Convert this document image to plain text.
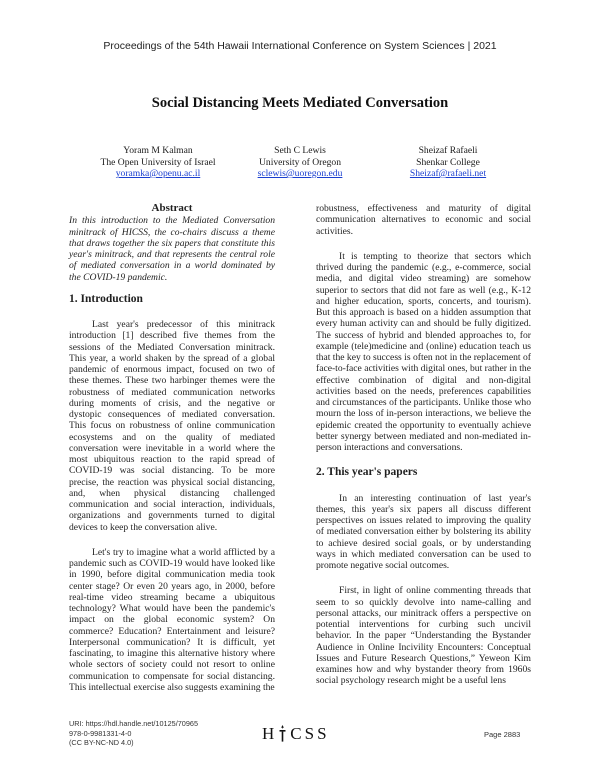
Proceedings of the 54th Hawaii International Conference on System Sciences | 2021
Social Distancing Meets Mediated Conversation
Yoram M Kalman
The Open University of Israel
yoramka@openu.ac.il
Seth C Lewis
University of Oregon
sclewis@uoregon.edu
Sheizaf Rafaeli
Shenkar College
Sheizaf@rafaeli.net
Abstract

In this introduction to the Mediated Conversation minitrack of HICSS, the co-chairs discuss a theme that draws together the six papers that constitute this year's minitrack, and that represents the central role of mediated conversation in a world dominated by the COVID-19 pandemic.

1. Introduction

Last year's predecessor of this minitrack introduction [1] described five themes from the sessions of the Mediated Conversation minitrack. This year, a world shaken by the spread of a global pandemic of enormous impact, focused on two of these themes. These two harbinger themes were the robustness of mediated communication networks during moments of crisis, and the negative or dystopic consequences of mediated conversation. This focus on robustness of online communication ecosystems and on the quality of mediated conversation were inevitable in a world where the most ubiquitous reaction to the rapid spread of COVID-19 was social distancing. To be more precise, the reaction was physical social distancing, and, when physical distancing challenged communication and social interaction, individuals, organizations and governments turned to digital devices to keep the conversation alive.

Let's try to imagine what a world afflicted by a pandemic such as COVID-19 would have looked like in 1990, before digital communication media took center stage? Or even 20 years ago, in 2000, before real-time video streaming became a ubiquitous technology? What would have been the pandemic's impact on the global economic system? On commerce? Education? Entertainment and leisure? Interpersonal communication? It is difficult, yet fascinating, to imagine this alternative history where whole sectors of society could not resort to online communication to compensate for social distancing. This intellectual exercise also suggests examining the

robustness, effectiveness and maturity of digital communication alternatives to economic and social activities.

It is tempting to theorize that sectors which thrived during the pandemic (e.g., e-commerce, social media, and digital video streaming) are somehow superior to sectors that did not fare as well (e.g., K-12 and higher education, sports, concerts, and tourism). But this approach is based on a hidden assumption that every human activity can and should be fully digitized. The success of hybrid and blended approaches to, for example (tele)medicine and (online) education teach us that the key to success is often not in the replacement of face-to-face activities with digital ones, but rather in the effective combination of digital and non-digital activities based on the needs, preferences capabilities and circumstances of the participants. Unlike those who mourn the loss of in-person interactions, we believe the epidemic created the opportunity to eventually achieve better synergy between mediated and non-mediated in-person interactions and conversations.

2. This year's papers

In an interesting continuation of last year's themes, this year's six papers all discuss different perspectives on issues related to improving the quality of mediated conversation either by bolstering its ability to achieve desired social goals, or by understanding ways in which mediated conversation can be used to promote negative social outcomes.

First, in light of online commenting threads that seem to so quickly devolve into name-calling and personal attacks, our minitrack offers a perspective on potential interventions for curbing such uncivil behavior. In the paper “Understanding the Bystander Audience in Online Incivility Encounters: Conceptual Issues and Future Research Questions,” Yeweon Kim examines how and why bystander theory from 1960s social psychology research might be a useful lens

URI: https://hdl.handle.net/10125/70965
978-0-9981331-4-0
(CC BY-NC-ND 4.0)	H CSS	Page 2883
